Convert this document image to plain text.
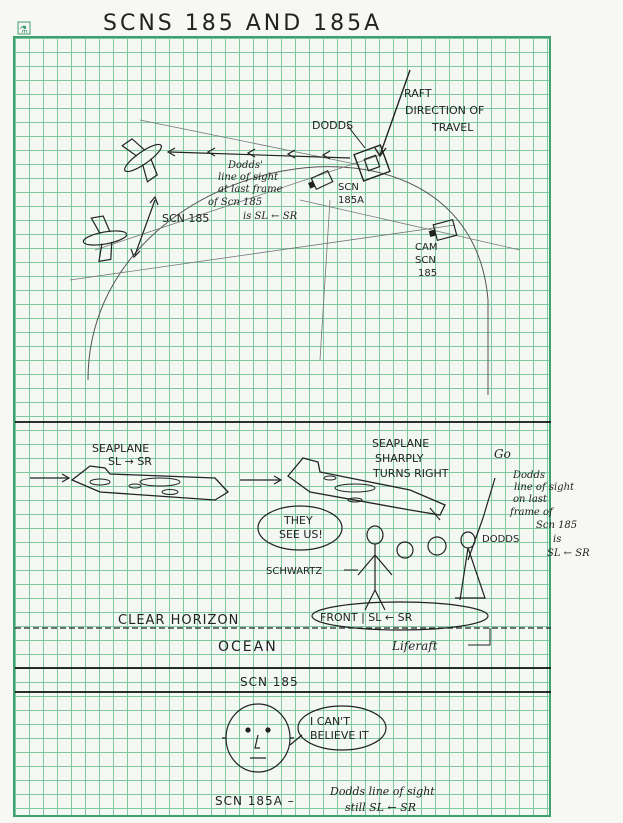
⚗	SCNS 185 AND 185A
RAFT
DIRECTION OF
TRAVEL
DODDS
Dodds'
line of sight
at last frame
of Scn 185
is SL ← SR
SCN
185A
SCN 185
CAM
SCN
185
SEAPLANE
SL → SR
SEAPLANE
SHARPLY
TURNS RIGHT
THEY
SEE US!
SCHWARTZ
DODDS
Go
Dodds
line of sight
on last
frame of
Scn 185
is
SL ← SR
FRONT | SL ← SR
CLEAR HORIZON
OCEAN	Liferaft
SCN 185
I CAN'T
BELIEVE IT
SCN 185A –
Dodds line of sight
still SL ← SR
